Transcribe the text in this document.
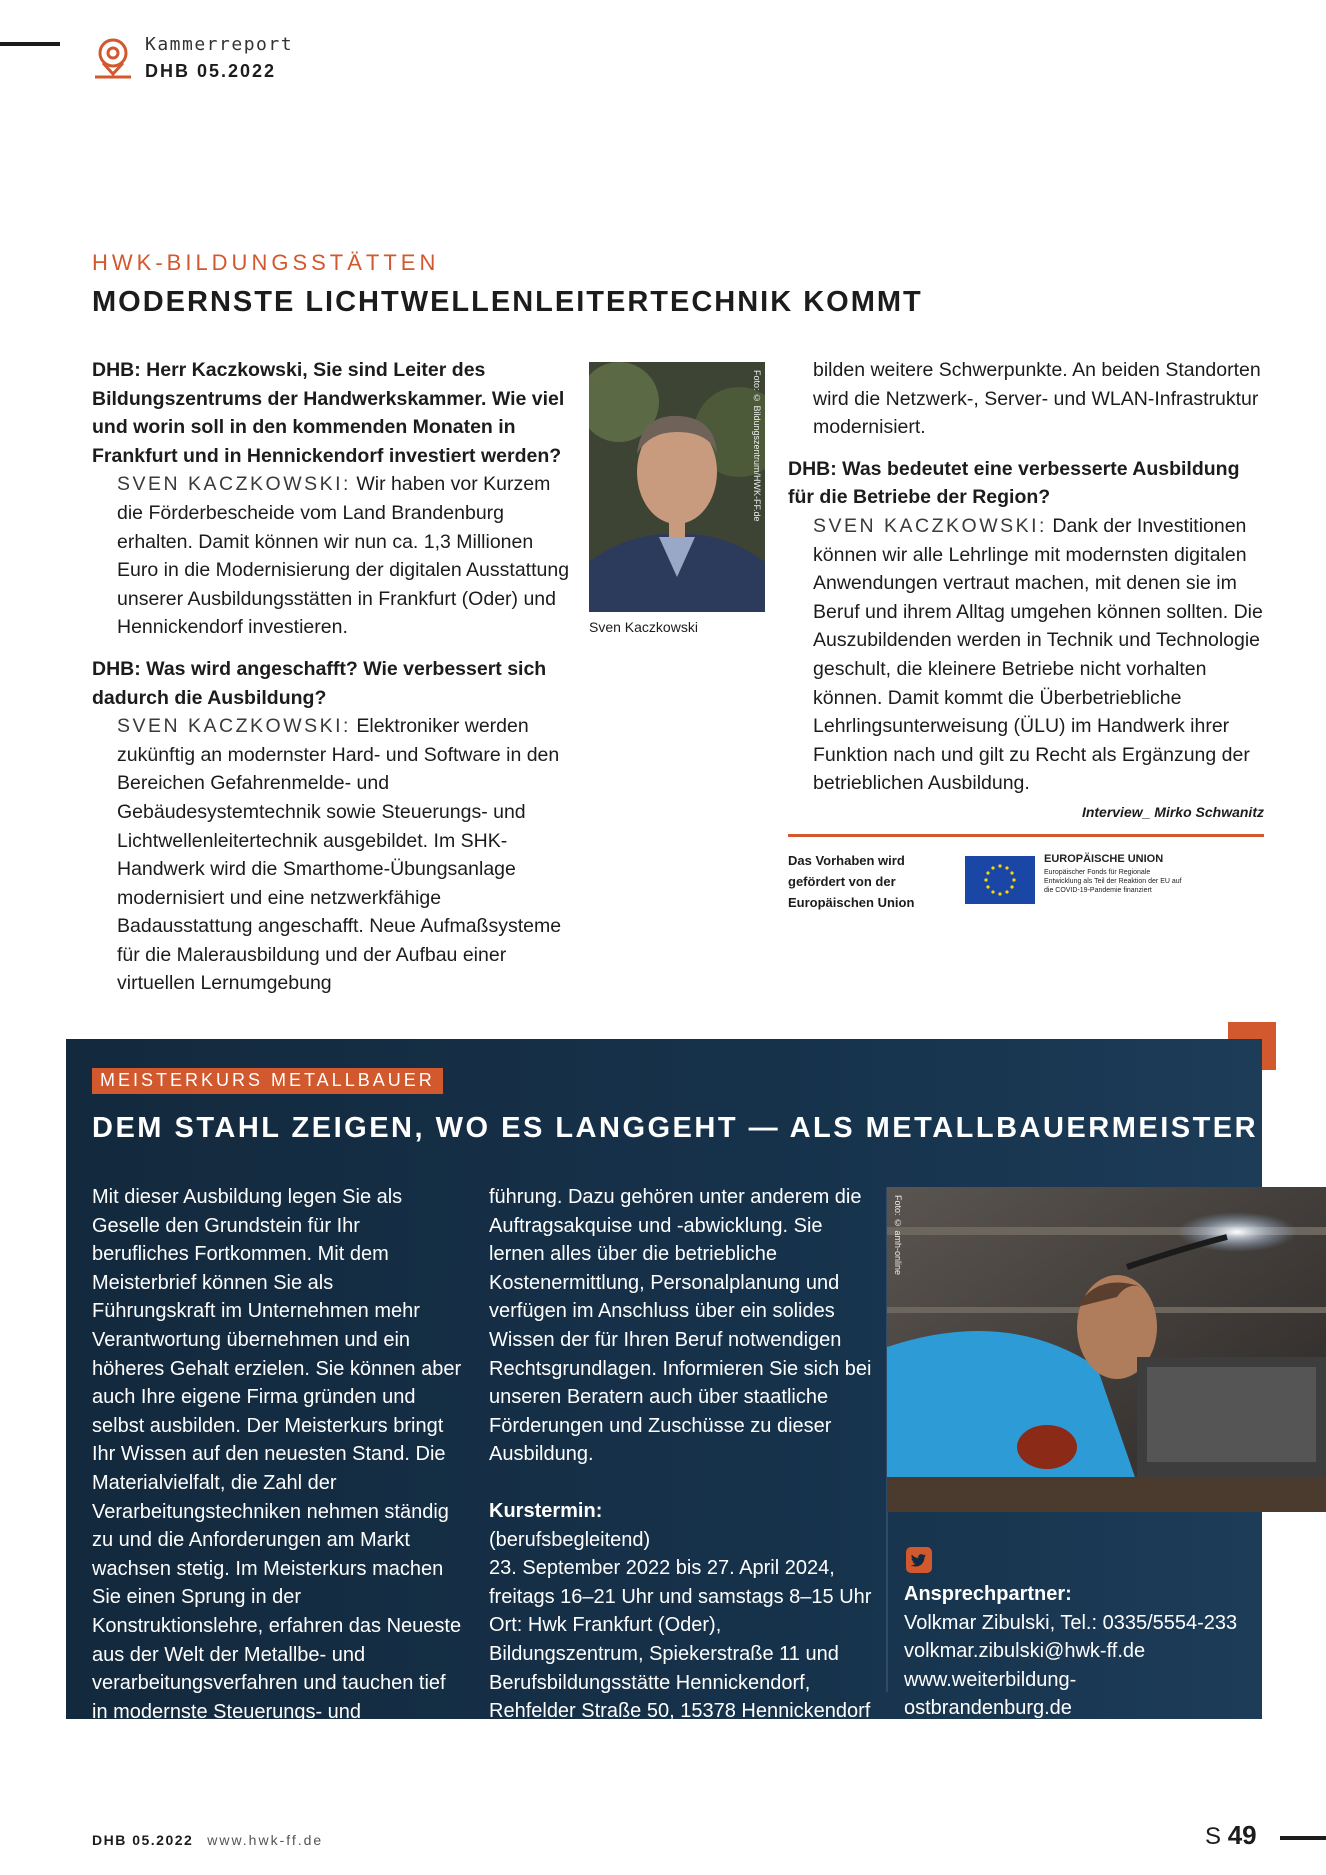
Kammerreport
DHB 05.2022
HWK-BILDUNGSSTÄTTEN
MODERNSTE LICHTWELLENLEITERTECHNIK KOMMT

DHB: Herr Kaczkowski, Sie sind Leiter des Bildungszentrums der Handwerkskammer. Wie viel und worin soll in den kommenden Monaten in Frankfurt und in Hennickendorf investiert werden?

SVEN KACZKOWSKI: Wir haben vor Kurzem die Förderbescheide vom Land Brandenburg erhalten. Damit können wir nun ca. 1,3 Millionen Euro in die Modernisierung der digitalen Ausstattung unserer Ausbildungsstätten in Frankfurt (Oder) und Hennickendorf investieren.

DHB: Was wird angeschafft? Wie verbessert sich dadurch die Ausbildung?

SVEN KACZKOWSKI: Elektroniker werden zukünftig an modernster Hard- und Software in den Bereichen Gefahrenmelde- und Gebäudesystemtechnik sowie Steuerungs- und Lichtwellenleitertechnik ausgebildet. Im SHK-Handwerk wird die Smarthome-Übungsanlage modernisiert und eine netzwerkfähige Badausstattung angeschafft. Neue Aufmaßsysteme für die Malerausbildung und der Aufbau einer virtuellen Lernumgebung

Foto: © Bildungszentrum/HWK-FF.de
Sven Kaczkowski

bilden weitere Schwerpunkte. An beiden Standorten wird die Netzwerk-, Server- und WLAN-Infrastruktur modernisiert.

DHB: Was bedeutet eine verbesserte Ausbildung für die Betriebe der Region?

SVEN KACZKOWSKI: Dank der Investitionen können wir alle Lehrlinge mit modernsten digitalen Anwendungen vertraut machen, mit denen sie im Beruf und ihrem Alltag umgehen können sollten. Die Auszubildenden werden in Technik und Technologie geschult, die kleinere Betriebe nicht vorhalten können. Damit kommt die Überbetriebliche Lehrlingsunterweisung (ÜLU) im Handwerk ihrer Funktion nach und gilt zu Recht als Ergänzung der betrieblichen Ausbildung.

Interview_ Mirko Schwanitz

Das Vorhaben wird gefördert von der Europäischen Union
EUROPÄISCHE UNION
Europäischer Fonds für Regionale Entwicklung als Teil der Reaktion der EU auf die COVID-19-Pandemie finanziert
MEISTERKURS METALLBAUER
DEM STAHL ZEIGEN, WO ES LANGGEHT — ALS METALLBAUERMEISTER

Mit dieser Ausbildung legen Sie als Geselle den Grundstein für Ihr berufliches Fortkommen. Mit dem Meisterbrief können Sie als Führungskraft im Unternehmen mehr Verantwortung übernehmen und ein höheres Gehalt erzielen. Sie können aber auch Ihre eigene Firma gründen und selbst ausbilden. Der Meisterkurs bringt Ihr Wissen auf den neuesten Stand. Die Materialvielfalt, die Zahl der Verarbeitungstechniken nehmen ständig zu und die Anforderungen am Markt wachsen stetig. Im Meisterkurs machen Sie einen Sprung in der Konstruktionslehre, erfahren das Neueste aus der Welt der Metallbe- und verarbeitungsverfahren und tauchen tief in modernste Steuerungs- und Messtechniken ein. Gleichzeitig werden Sie fit gemacht in allen Belangen der Betriebs-

führung. Dazu gehören unter anderem die Auftragsakquise und -abwicklung. Sie lernen alles über die betriebliche Kostenermittlung, Personalplanung und verfügen im Anschluss über ein solides Wissen der für Ihren Beruf notwendigen Rechtsgrundlagen. Informieren Sie sich bei unseren Beratern auch über staatliche Förderungen und Zuschüsse zu dieser Ausbildung.

Kurstermin:

(berufsbegleitend)

23. September 2022 bis 27. April 2024,

freitags 16–21 Uhr und samstags 8–15 Uhr

Ort: Hwk Frankfurt (Oder),

Bildungszentrum, Spiekerstraße 11 und

Berufsbildungsstätte Hennickendorf,

Rehfelder Straße 50, 15378 Hennickendorf

Foto: © amh-online

Ansprechpartner:

Volkmar Zibulski, Tel.: 0335/5554-233

volkmar.zibulski@hwk-ff.de

www.weiterbildung-ostbrandenburg.de

DHB 05.2022 www.hwk-ff.de	S 49
